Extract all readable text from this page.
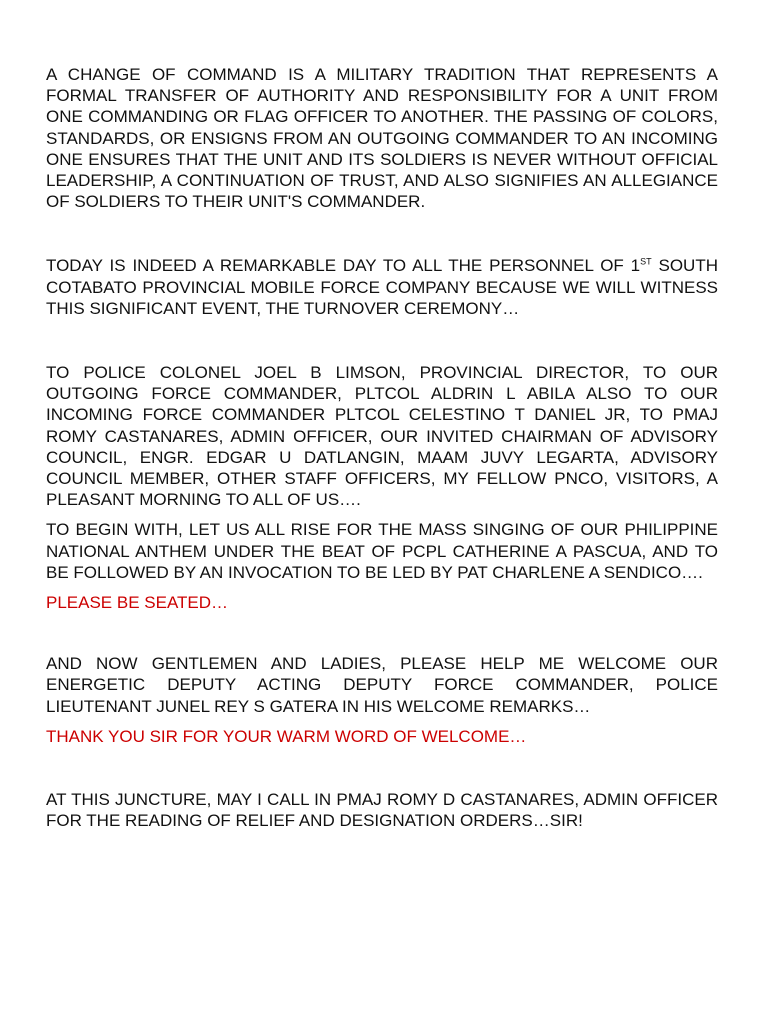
A CHANGE OF COMMAND IS A MILITARY TRADITION THAT REPRESENTS A FORMAL TRANSFER OF AUTHORITY AND RESPONSIBILITY FOR A UNIT FROM ONE COMMANDING OR FLAG OFFICER TO ANOTHER. THE PASSING OF COLORS, STANDARDS, OR ENSIGNS FROM AN OUTGOING COMMANDER TO AN INCOMING ONE ENSURES THAT THE UNIT AND ITS SOLDIERS IS NEVER WITHOUT OFFICIAL LEADERSHIP, A CONTINUATION OF TRUST, AND ALSO SIGNIFIES AN ALLEGIANCE OF SOLDIERS TO THEIR UNIT'S COMMANDER.

TODAY IS INDEED A REMARKABLE DAY TO ALL THE PERSONNEL OF 1ST SOUTH COTABATO PROVINCIAL MOBILE FORCE COMPANY BECAUSE WE WILL WITNESS THIS SIGNIFICANT EVENT, THE TURNOVER CEREMONY…

TO POLICE COLONEL JOEL B LIMSON, PROVINCIAL DIRECTOR, TO OUR OUTGOING FORCE COMMANDER, PLTCOL ALDRIN L ABILA ALSO TO OUR INCOMING FORCE COMMANDER PLTCOL CELESTINO T DANIEL JR, TO PMAJ ROMY CASTANARES, ADMIN OFFICER, OUR INVITED CHAIRMAN OF ADVISORY COUNCIL, ENGR. EDGAR U DATLANGIN, MAAM JUVY LEGARTA, ADVISORY COUNCIL MEMBER, OTHER STAFF OFFICERS, MY FELLOW PNCO, VISITORS, A PLEASANT MORNING TO ALL OF US….

TO BEGIN WITH, LET US ALL RISE FOR THE MASS SINGING OF OUR PHILIPPINE NATIONAL ANTHEM UNDER THE BEAT OF PCPL CATHERINE A PASCUA, AND TO BE FOLLOWED BY AN INVOCATION TO BE LED BY PAT CHARLENE A SENDICO….

PLEASE BE SEATED…

AND NOW GENTLEMEN AND LADIES, PLEASE HELP ME WELCOME OUR ENERGETIC DEPUTY ACTING DEPUTY FORCE COMMANDER, POLICE LIEUTENANT JUNEL REY S GATERA IN HIS WELCOME REMARKS…

THANK YOU SIR FOR YOUR WARM WORD OF WELCOME…

AT THIS JUNCTURE, MAY I CALL IN PMAJ ROMY D CASTANARES, ADMIN OFFICER FOR THE READING OF RELIEF AND DESIGNATION ORDERS…SIR!
